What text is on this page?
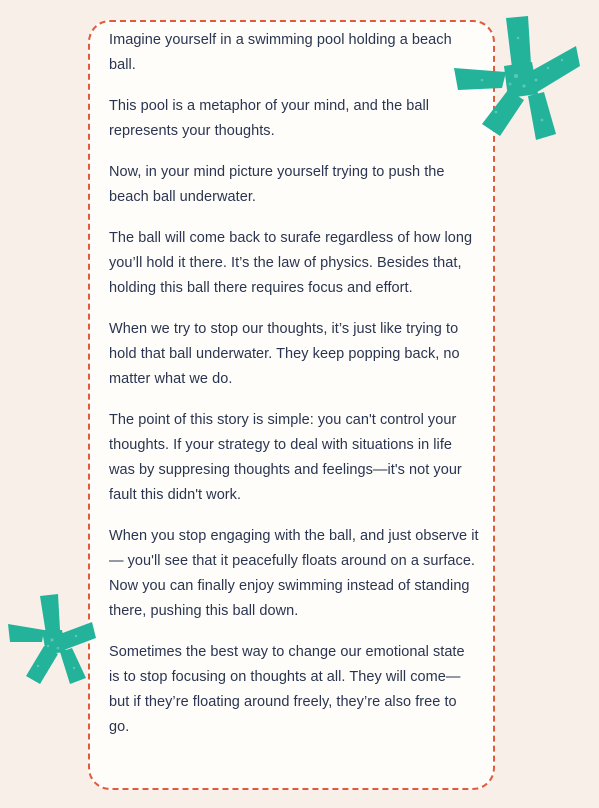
Imagine yourself in a swimming pool holding a beach ball.

This pool is a metaphor of your mind, and the ball represents your thoughts.

Now, in your mind picture yourself trying to push the beach ball underwater.

The ball will come back to surafe regardless of how long you’ll hold it there. It’s the law of physics. Besides that, holding this ball there requires focus and effort.

When we try to stop our thoughts, it’s just like trying to hold that ball underwater. They keep popping back, no matter what we do.

The point of this story is simple: you can't control your thoughts. If your strategy to deal with situations in life was by suppresing thoughts and feelings—it's not your fault this didn't work.

When you stop engaging with the ball, and just observe it — you'll see that it peacefully floats around on a surface. Now you can finally enjoy swimming instead of standing there, pushing this ball down.

Sometimes the best way to change our emotional state is to stop focusing on thoughts at all. They will come—but if they’re floating around freely, they’re also free to go.
